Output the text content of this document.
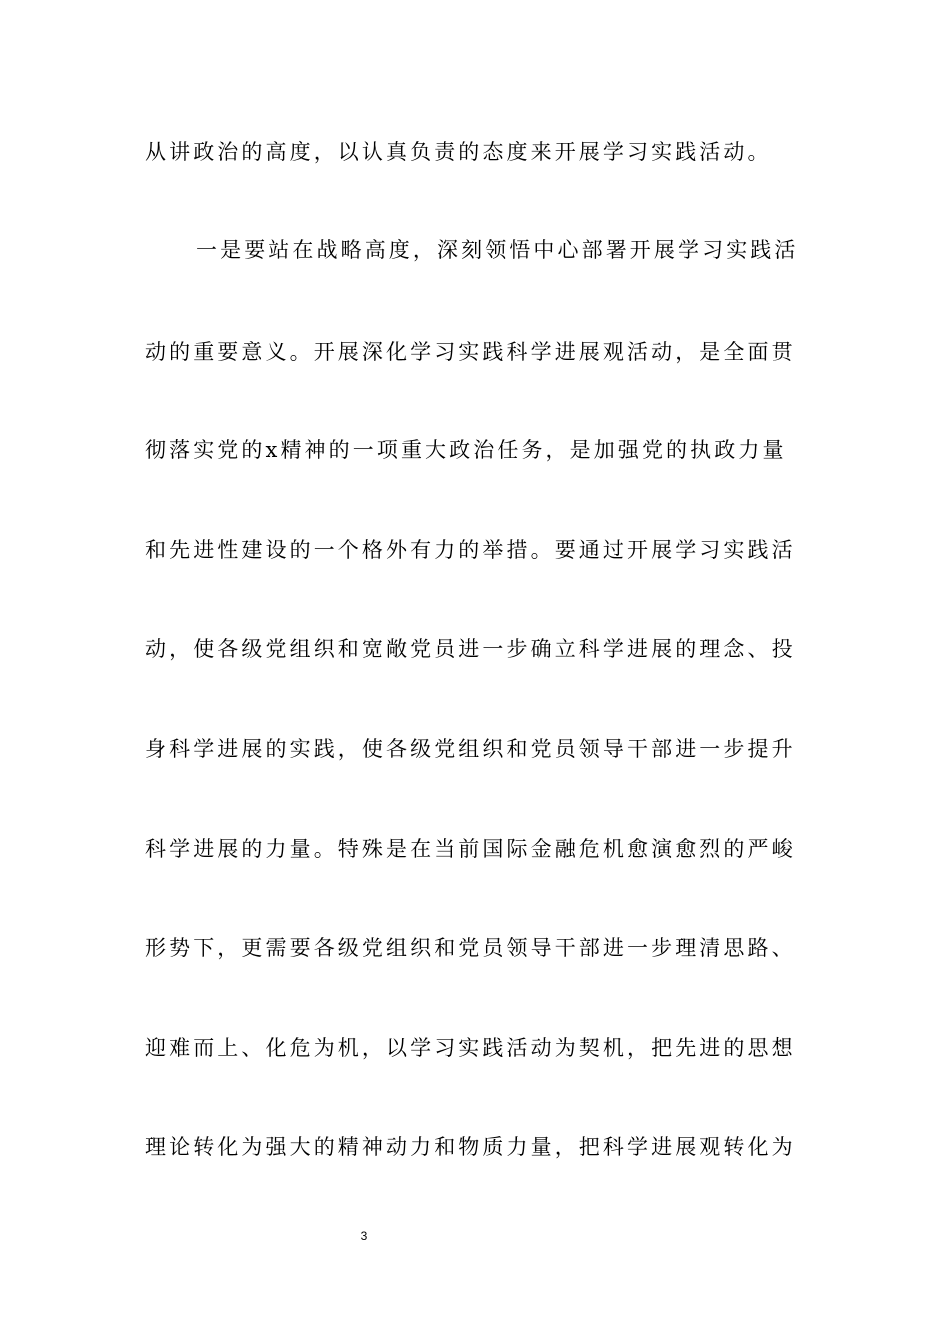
从讲政治的高度，以认真负责的态度来开展学习实践活动。
一是要站在战略高度，深刻领悟中心部署开展学习实践活
动的重要意义。开展深化学习实践科学进展观活动，是全面贯
彻落实党的x精神的一项重大政治任务，是加强党的执政力量
和先进性建设的一个格外有力的举措。要通过开展学习实践活
动，使各级党组织和宽敞党员进一步确立科学进展的理念、投
身科学进展的实践，使各级党组织和党员领导干部进一步提升
科学进展的力量。特殊是在当前国际金融危机愈演愈烈的严峻
形势下，更需要各级党组织和党员领导干部进一步理清思路、
迎难而上、化危为机，以学习实践活动为契机，把先进的思想
理论转化为强大的精神动力和物质力量，把科学进展观转化为
3
